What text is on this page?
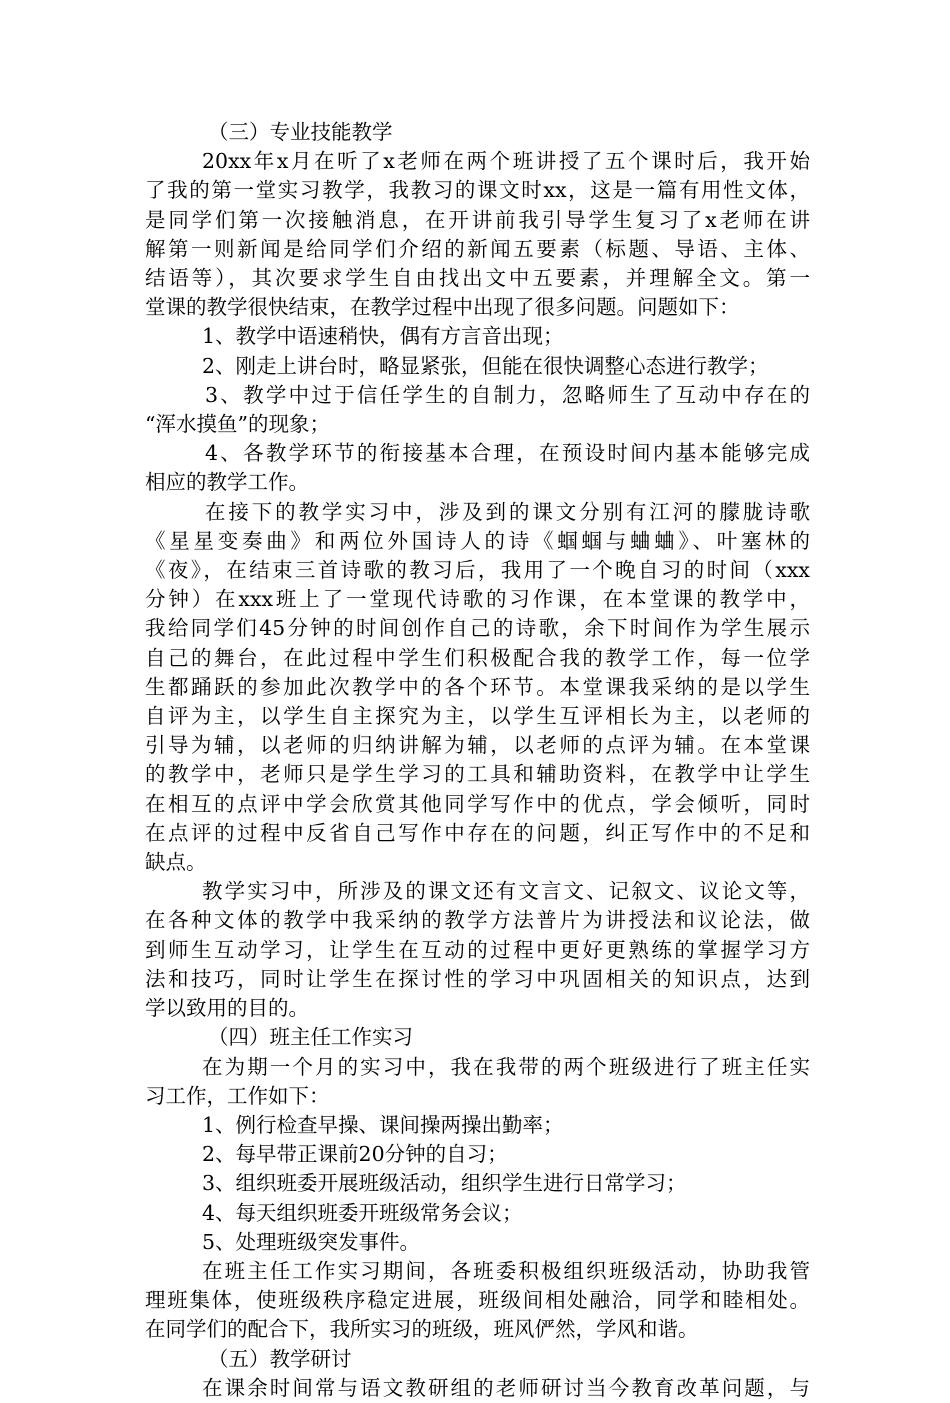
（三）专业技能教学
20xx年x月在听了x老师在两个班讲授了五个课时后，我开始
了我的第一堂实习教学，我教习的课文时xx，这是一篇有用性文体，
是同学们第一次接触消息，在开讲前我引导学生复习了x老师在讲
解第一则新闻是给同学们介绍的新闻五要素（标题、导语、主体、
结语等），其次要求学生自由找出文中五要素，并理解全文。第一
堂课的教学很快结束，在教学过程中出现了很多问题。问题如下：
1、教学中语速稍快，偶有方言音出现；
2、刚走上讲台时，略显紧张，但能在很快调整心态进行教学；
3、教学中过于信任学生的自制力，忽略师生了互动中存在的
“浑水摸鱼”的现象；
4、各教学环节的衔接基本合理，在预设时间内基本能够完成
相应的教学工作。
在接下的教学实习中，涉及到的课文分别有江河的朦胧诗歌
《星星变奏曲》和两位外国诗人的诗《蝈蝈与蛐蛐》、叶塞林的
《夜》，在结束三首诗歌的教习后，我用了一个晚自习的时间（xxx
分钟）在xxx班上了一堂现代诗歌的习作课，在本堂课的教学中，
我给同学们45分钟的时间创作自己的诗歌，余下时间作为学生展示
自己的舞台，在此过程中学生们积极配合我的教学工作，每一位学
生都踊跃的参加此次教学中的各个环节。本堂课我采纳的是以学生
自评为主，以学生自主探究为主，以学生互评相长为主，以老师的
引导为辅，以老师的归纳讲解为辅，以老师的点评为辅。在本堂课
的教学中，老师只是学生学习的工具和辅助资料，在教学中让学生
在相互的点评中学会欣赏其他同学写作中的优点，学会倾听，同时
在点评的过程中反省自己写作中存在的问题，纠正写作中的不足和
缺点。
教学实习中，所涉及的课文还有文言文、记叙文、议论文等，
在各种文体的教学中我采纳的教学方法普片为讲授法和议论法，做
到师生互动学习，让学生在互动的过程中更好更熟练的掌握学习方
法和技巧，同时让学生在探讨性的学习中巩固相关的知识点，达到
学以致用的目的。
（四）班主任工作实习
在为期一个月的实习中，我在我带的两个班级进行了班主任实
习工作，工作如下：
1、例行检查早操、课间操两操出勤率；
2、每早带正课前20分钟的自习；
3、组织班委开展班级活动，组织学生进行日常学习；
4、每天组织班委开班级常务会议；
5、处理班级突发事件。
在班主任工作实习期间，各班委积极组织班级活动，协助我管
理班集体，使班级秩序稳定进展，班级间相处融洽，同学和睦相处。
在同学们的配合下，我所实习的班级，班风俨然，学风和谐。
（五）教学研讨
在课余时间常与语文教研组的老师研讨当今教育改革问题，与
